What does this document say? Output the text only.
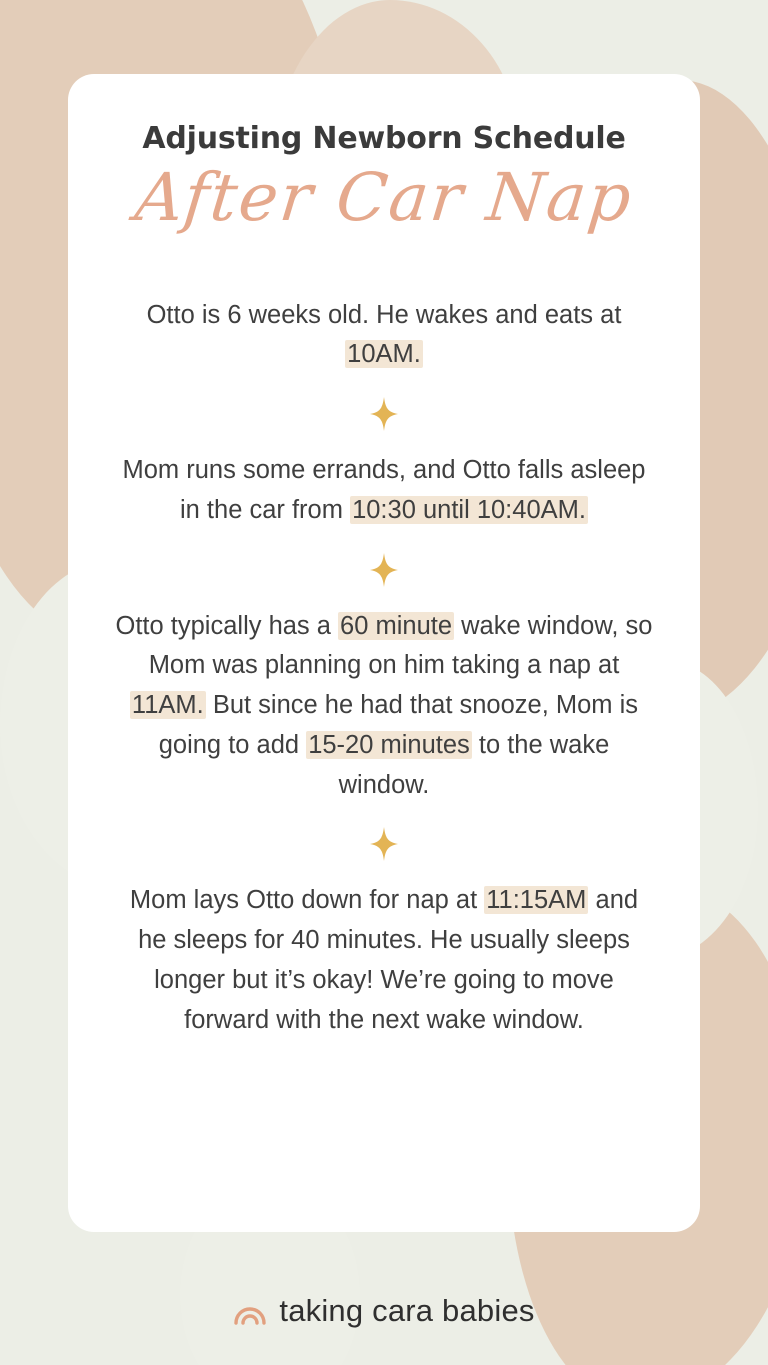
Adjusting Newborn Schedule
After Car Nap
Otto is 6 weeks old. He wakes and eats at 10AM.
Mom runs some errands, and Otto falls asleep in the car from 10:30 until 10:40AM.
Otto typically has a 60 minute wake window, so Mom was planning on him taking a nap at 11AM. But since he had that snooze, Mom is going to add 15-20 minutes to the wake window.
Mom lays Otto down for nap at 11:15AM and he sleeps for 40 minutes. He usually sleeps longer but it’s okay! We’re going to move forward with the next wake window.
taking cara babies
